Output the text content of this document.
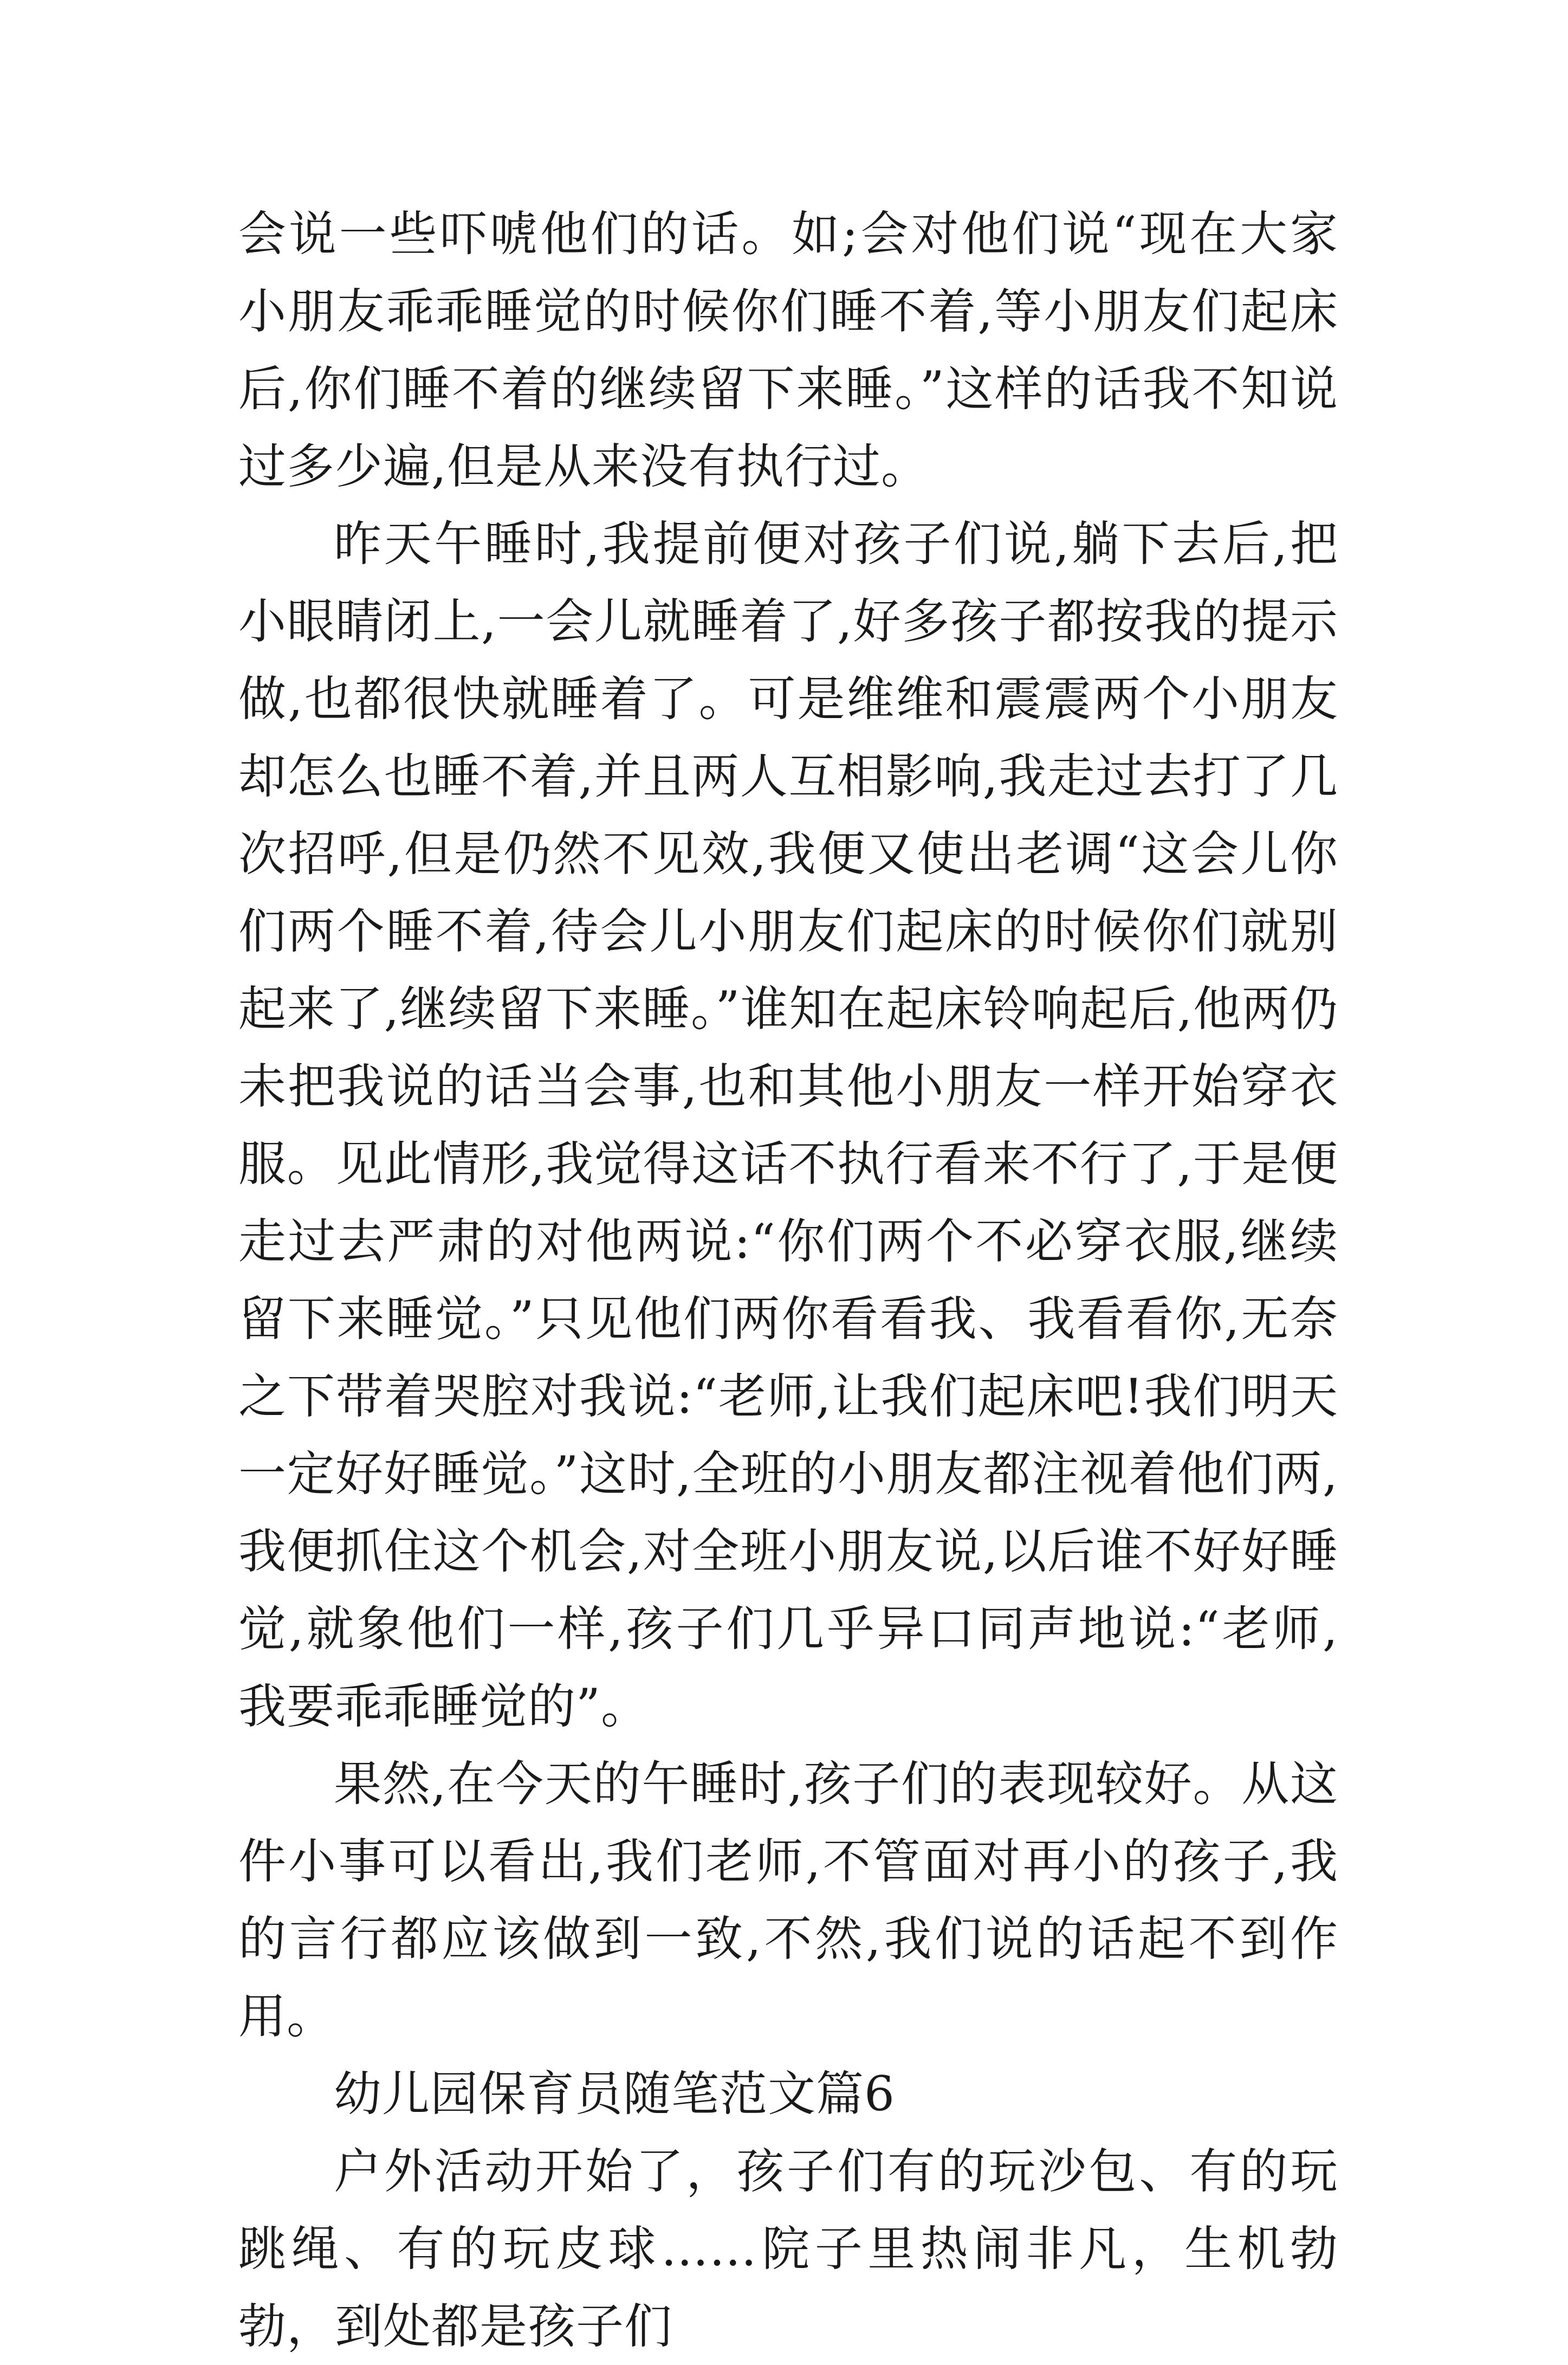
会说一些吓唬他们的话。如;会对他们说“现在大家小朋友乖乖睡觉的时候你们睡不着,等小朋友们起床后,你们睡不着的继续留下来睡。”这样的话我不知说过多少遍,但是从来没有执行过。

昨天午睡时,我提前便对孩子们说,躺下去后,把小眼睛闭上,一会儿就睡着了,好多孩子都按我的提示做,也都很快就睡着了。可是维维和震震两个小朋友却怎么也睡不着,并且两人互相影响,我走过去打了几次招呼,但是仍然不见效,我便又使出老调“这会儿你们两个睡不着,待会儿小朋友们起床的时候你们就别起来了,继续留下来睡。”谁知在起床铃响起后,他两仍未把我说的话当会事,也和其他小朋友一样开始穿衣服。见此情形,我觉得这话不执行看来不行了,于是便走过去严肃的对他两说:“你们两个不必穿衣服,继续留下来睡觉。”只见他们两你看看我、我看看你,无奈之下带着哭腔对我说:“老师,让我们起床吧!我们明天一定好好睡觉。”这时,全班的小朋友都注视着他们两,我便抓住这个机会,对全班小朋友说,以后谁不好好睡觉,就象他们一样,孩子们几乎异口同声地说:“老师,我要乖乖睡觉的”。

果然,在今天的午睡时,孩子们的表现较好。从这件小事可以看出,我们老师,不管面对再小的孩子,我的言行都应该做到一致,不然,我们说的话起不到作用。

幼儿园保育员随笔范文篇6

户外活动开始了，孩子们有的玩沙包、有的玩跳绳、有的玩皮球……院子里热闹非凡，生机勃勃，到处都是孩子们
